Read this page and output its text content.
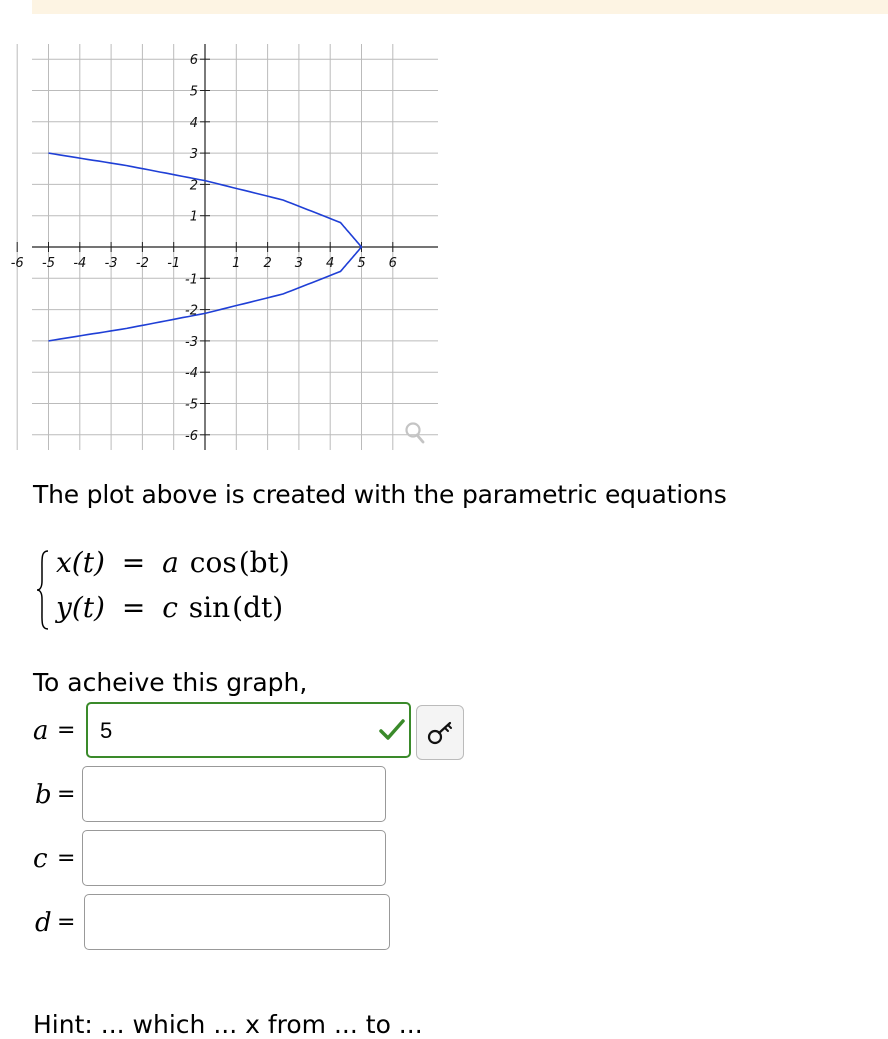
-6 -5 -4 -3 -2 -1	1 2 3 4 5 6
6
5
4
3
2
1
-1
-2
-3
-4
-5
-6
The plot above is created with the parametric equations
x(t) = a cos(bt)
y(t) = c sin(dt)
To acheive this graph,
a =	5
b =
c =
d =
Hint: ... which ... x from ... to ...
